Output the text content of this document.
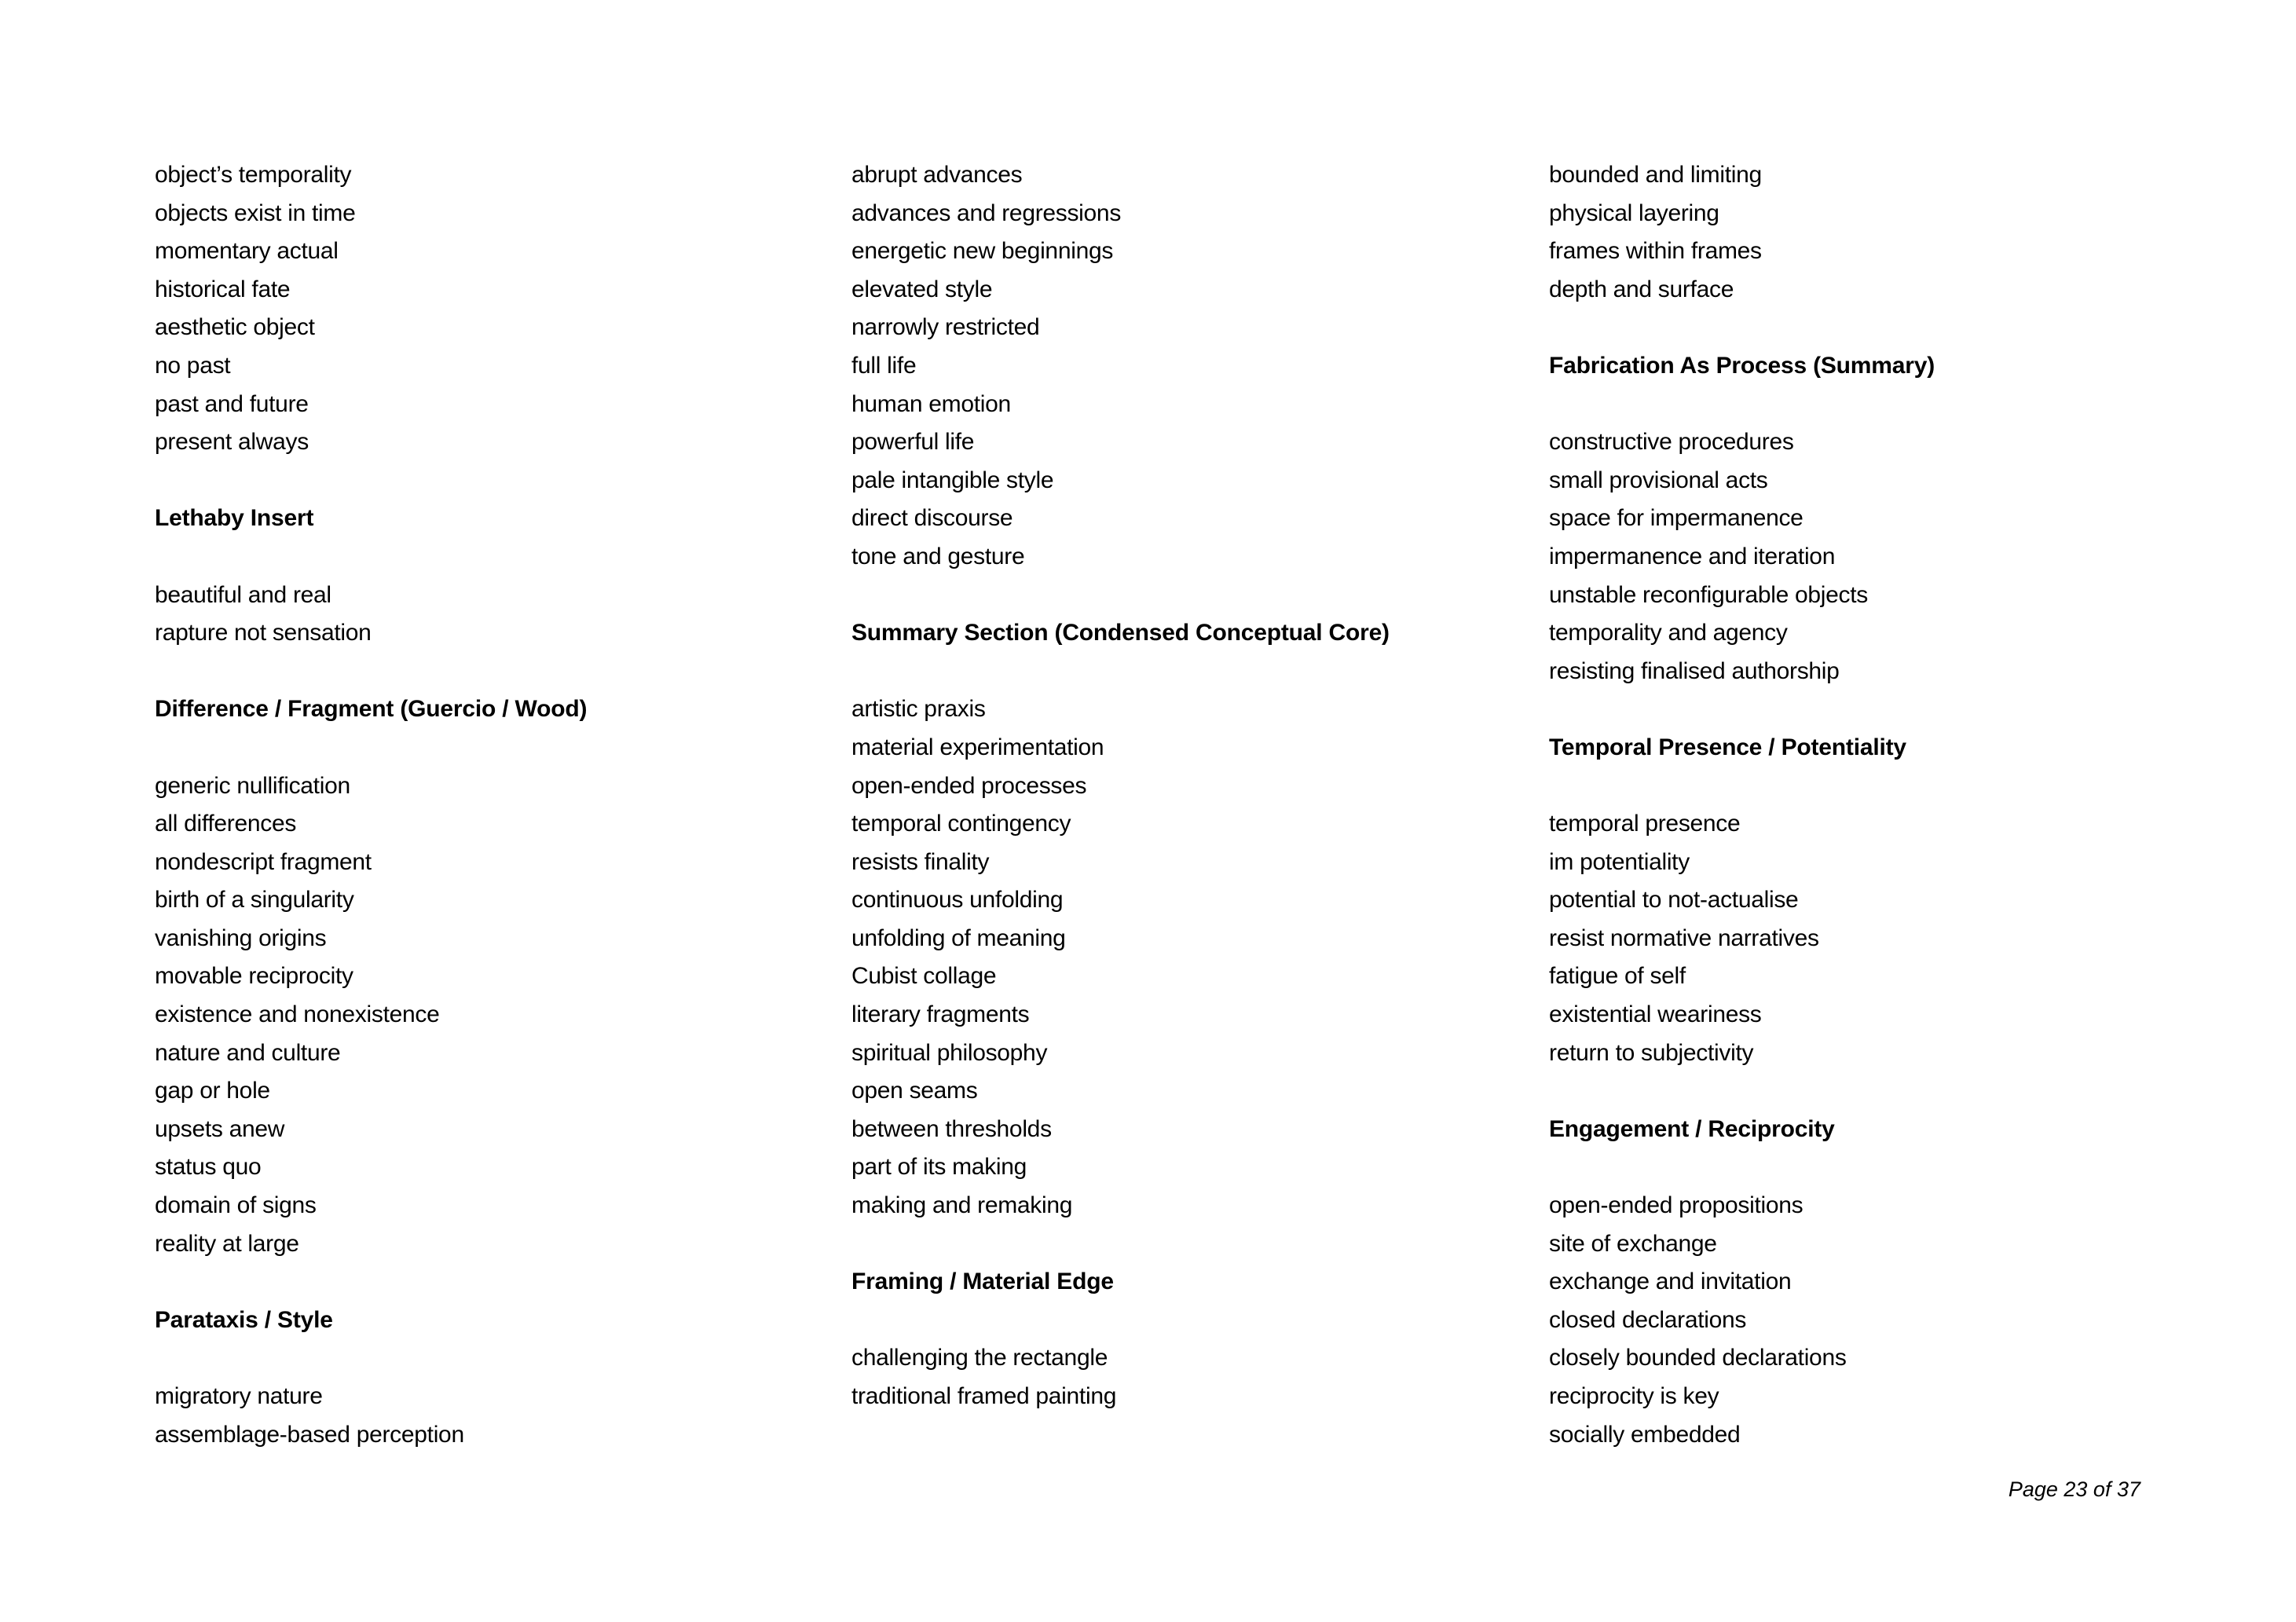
object’s temporality
objects exist in time
momentary actual
historical fate
aesthetic object
no past
past and future
present always
Lethaby Insert
beautiful and real
rapture not sensation
Difference / Fragment (Guercio / Wood)
generic nullification
all differences
nondescript fragment
birth of a singularity
vanishing origins
movable reciprocity
existence and nonexistence
nature and culture
gap or hole
upsets anew
status quo
domain of signs
reality at large
Parataxis / Style
migratory nature
assemblage-based perception
abrupt advances
advances and regressions
energetic new beginnings
elevated style
narrowly restricted
full life
human emotion
powerful life
pale intangible style
direct discourse
tone and gesture
Summary Section (Condensed Conceptual Core)
artistic praxis
material experimentation
open-ended processes
temporal contingency
resists finality
continuous unfolding
unfolding of meaning
Cubist collage
literary fragments
spiritual philosophy
open seams
between thresholds
part of its making
making and remaking
Framing / Material Edge
challenging the rectangle
traditional framed painting
bounded and limiting
physical layering
frames within frames
depth and surface
Fabrication As Process (Summary)
constructive procedures
small provisional acts
space for impermanence
impermanence and iteration
unstable reconfigurable objects
temporality and agency
resisting finalised authorship
Temporal Presence / Potentiality
temporal presence
im potentiality
potential to not-actualise
resist normative narratives
fatigue of self
existential weariness
return to subjectivity
Engagement / Reciprocity
open-ended propositions
site of exchange
exchange and invitation
closed declarations
closely bounded declarations
reciprocity is key
socially embedded
Page 23 of 37
